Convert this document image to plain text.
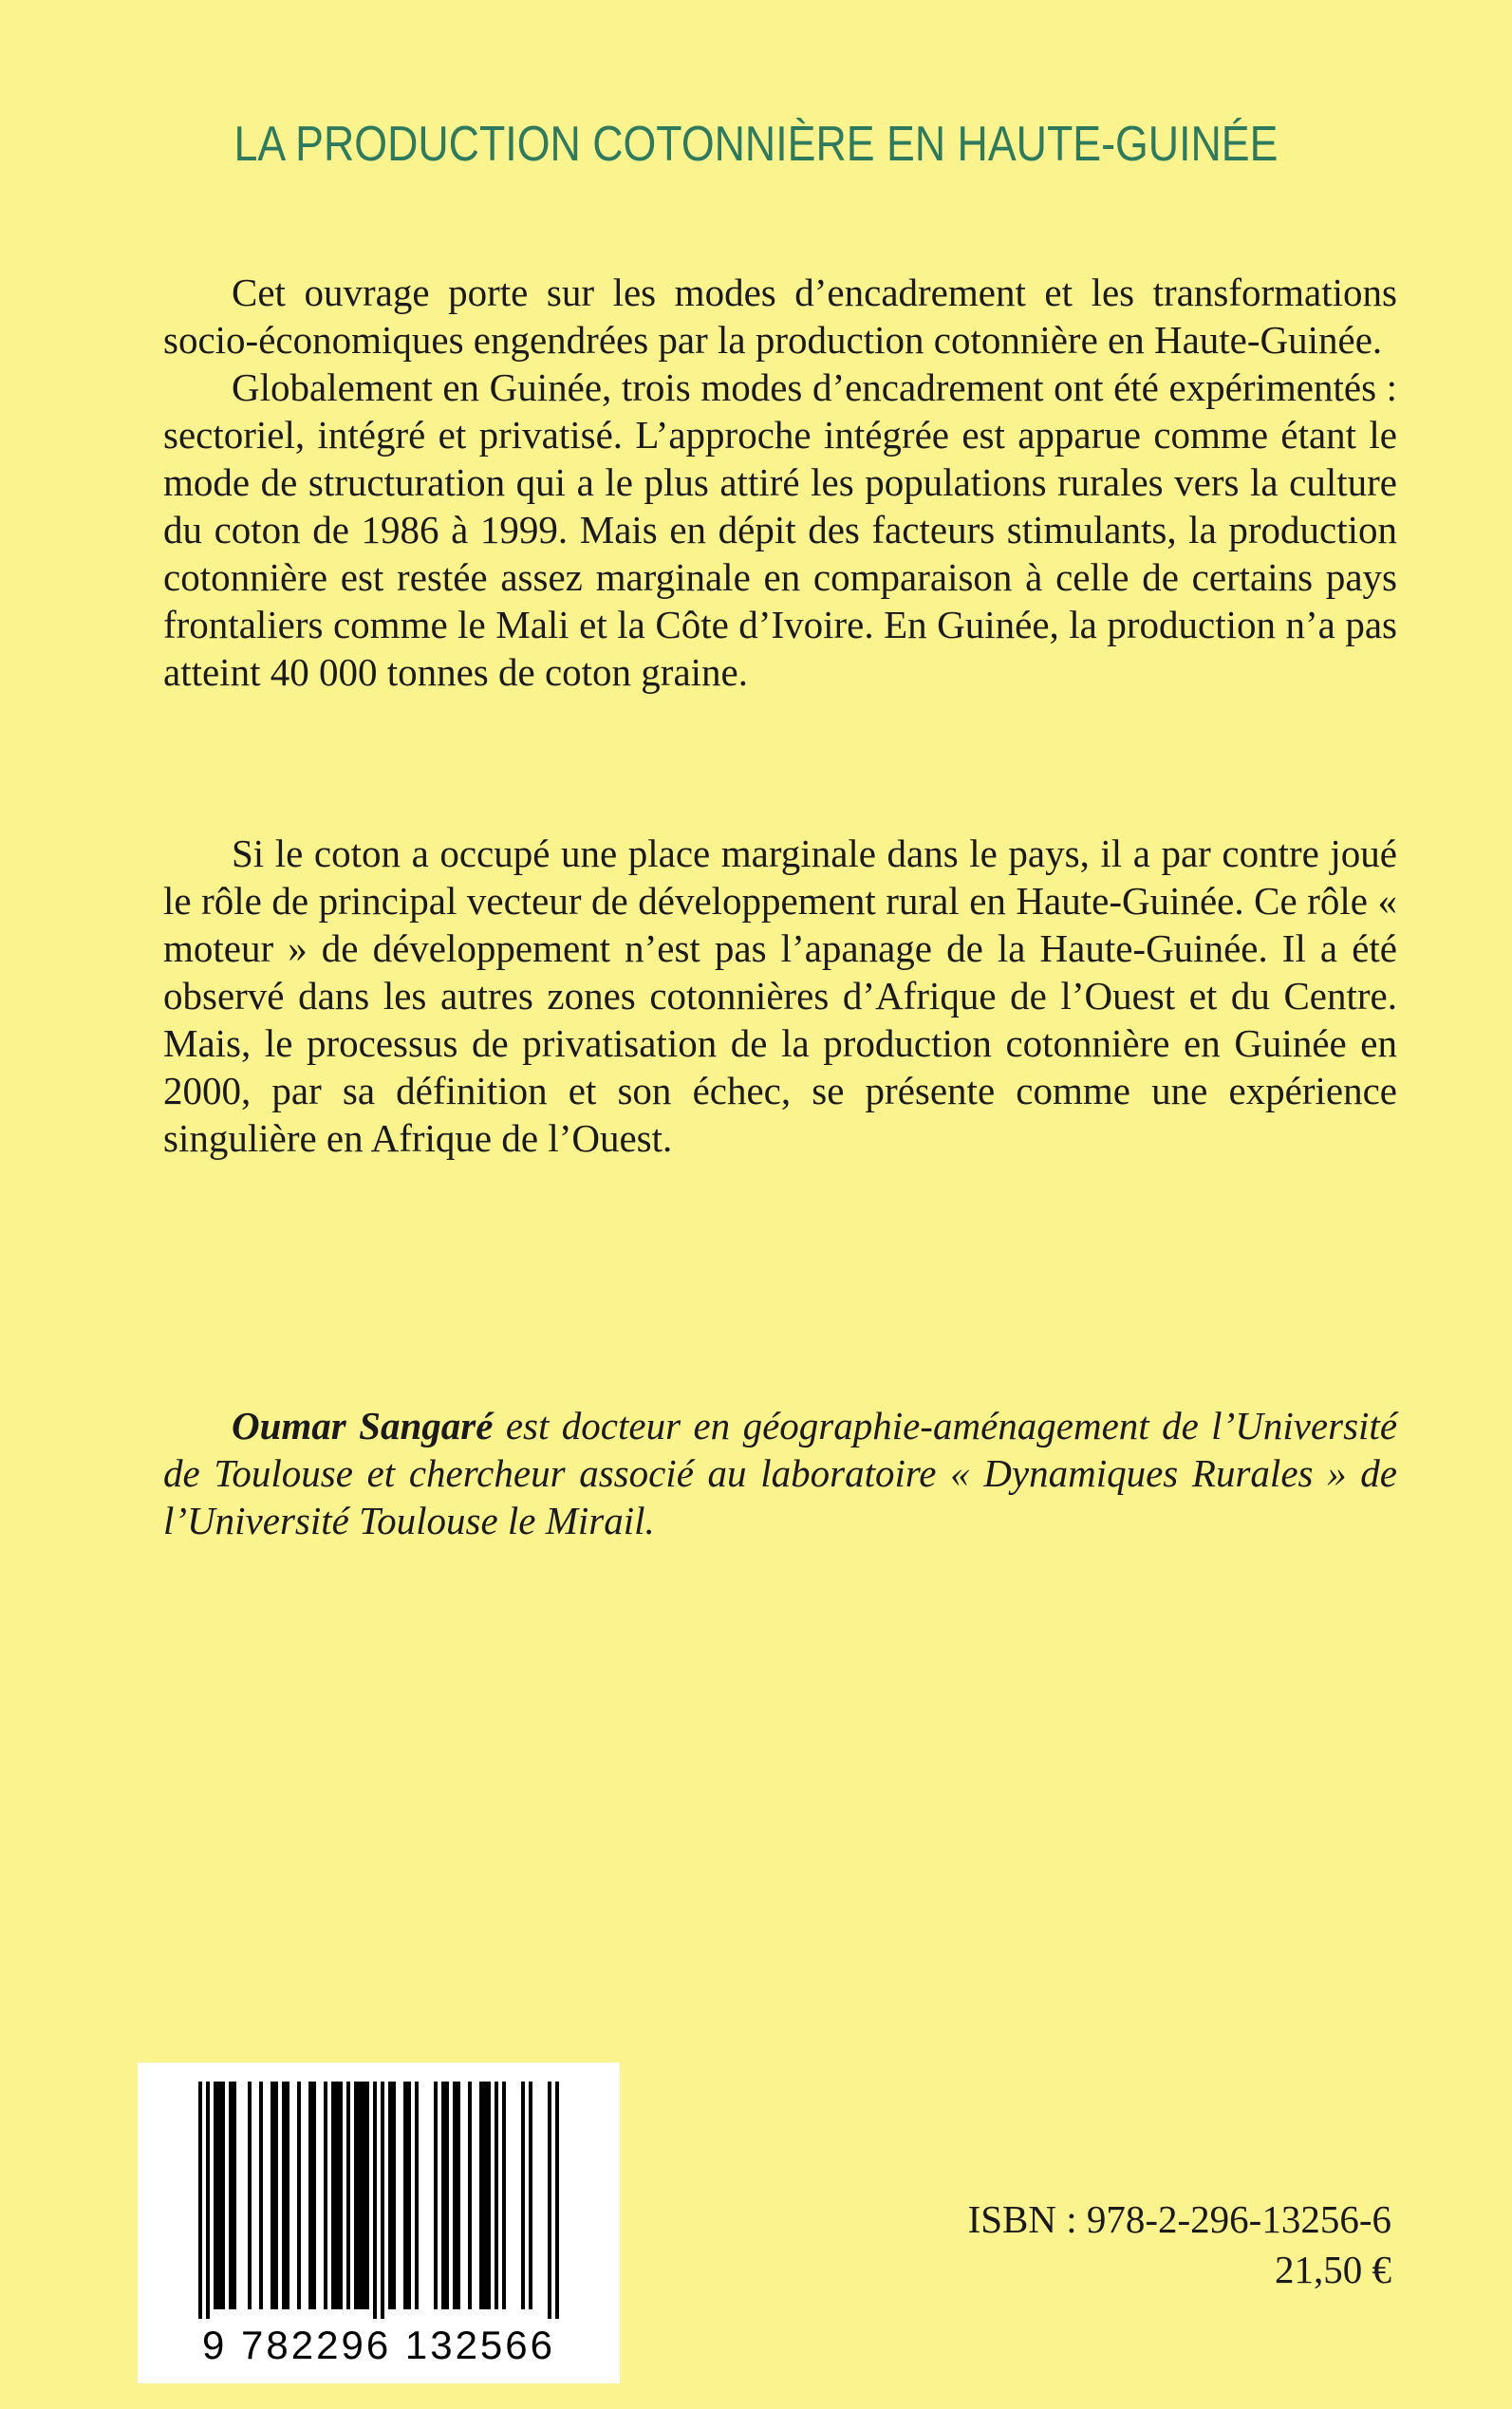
LA PRODUCTION COTONNIÈRE EN HAUTE-GUINÉE

Cet ouvrage porte sur les modes d’encadrement et les transformations socio-économiques engendrées par la production cotonnière en Haute-Guinée.

Globalement en Guinée, trois modes d’encadrement ont été expérimentés : sectoriel, intégré et privatisé. L’approche intégrée est apparue comme étant le mode de structuration qui a le plus attiré les populations rurales vers la culture du coton de 1986 à 1999. Mais en dépit des facteurs stimulants, la production cotonnière est restée assez marginale en comparaison à celle de certains pays frontaliers comme le Mali et la Côte d’Ivoire. En Guinée, la production n’a pas atteint 40 000 tonnes de coton graine.

Si le coton a occupé une place marginale dans le pays, il a par contre joué le rôle de principal vecteur de développement rural en Haute-Guinée. Ce rôle « moteur » de développement n’est pas l’apanage de la Haute-Guinée. Il a été observé dans les autres zones cotonnières d’Afrique de l’Ouest et du Centre. Mais, le processus de privatisation de la production cotonnière en Guinée en 2000, par sa définition et son échec, se présente comme une expérience singulière en Afrique de l’Ouest.

Oumar Sangaré est docteur en géographie-aménagement de l’Université de Toulouse et chercheur associé au laboratoire « Dynamiques Rurales » de l’Université Toulouse le Mirail.

9 782296 132566
ISBN : 978-2-296-13256-6
21,50 €
